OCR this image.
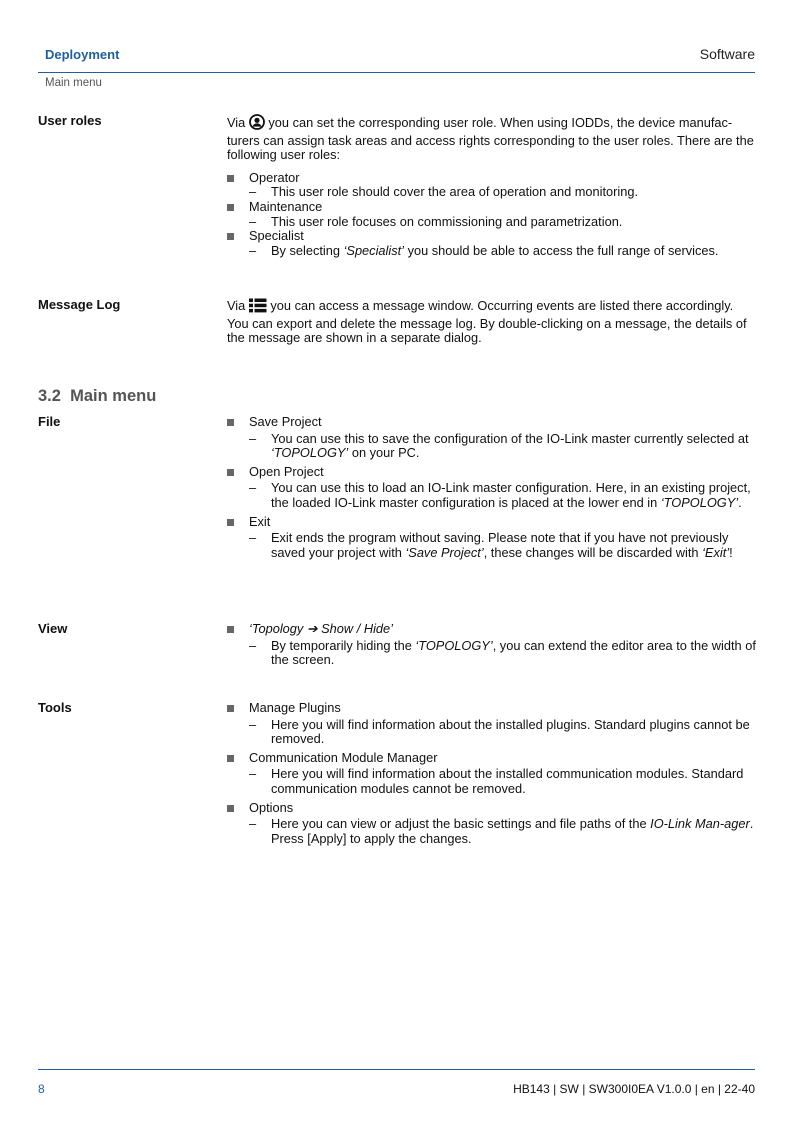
Deployment	Software
Main menu
User roles	Via you can set the corresponding user role. When using IODDs, the device manufac-turers can assign task areas and access rights corresponding to the user roles. There are the following user roles:

Operator
– This user role should cover the area of operation and monitoring.
Maintenance
– This user role focuses on commissioning and parametrization.
Specialist
– By selecting ‘Specialist’ you should be able to access the full range of services.
Message Log	Via you can access a message window. Occurring events are listed there accordingly. You can export and delete the message log. By double-clicking on a message, the details of the message are shown in a separate dialog.

3.2 Main menu
File	Save Project
– You can use this to save the configuration of the IO-Link master currently selected at ‘TOPOLOGY’ on your PC.
Open Project
– You can use this to load an IO-Link master configuration. Here, in an existing project, the loaded IO-Link master configuration is placed at the lower end in ‘TOPOLOGY’.
Exit
– Exit ends the program without saving. Please note that if you have not previously saved your project with ‘Save Project’, these changes will be discarded with ‘Exit’!
View	‘Topology ➔ Show / Hide’
– By temporarily hiding the ‘TOPOLOGY’, you can extend the editor area to the width of the screen.
Tools	Manage Plugins
– Here you will find information about the installed plugins. Standard plugins cannot be removed.
Communication Module Manager
– Here you will find information about the installed communication modules. Standard communication modules cannot be removed.
Options
– Here you can view or adjust the basic settings and file paths of the IO-Link Man-ager. Press [Apply] to apply the changes.
8	HB143 | SW | SW300I0EA V1.0.0 | en | 22-40
